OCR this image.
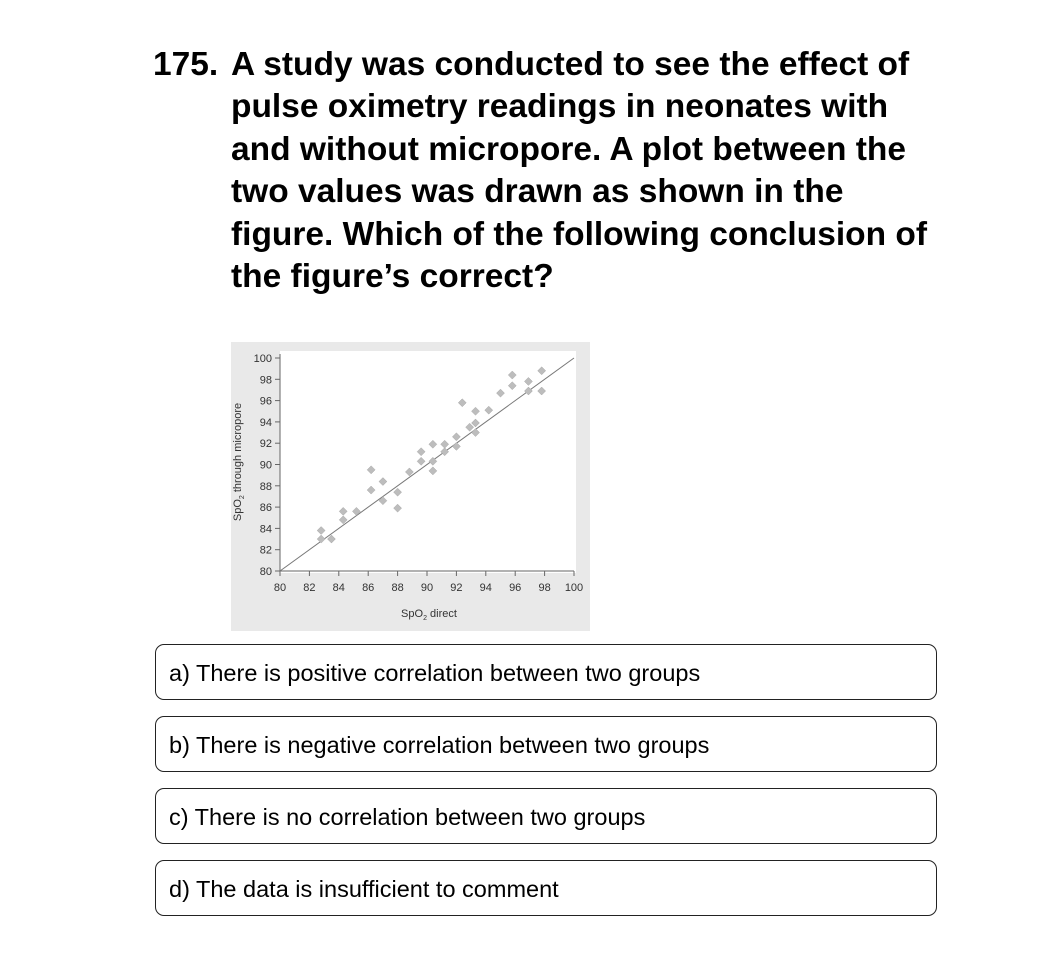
175. A study was conducted to see the effect of pulse oximetry readings in neonates with and without micropore. A plot between the two values was drawn as shown in the figure. Which of the following conclusion of the figure’s correct?
80 82 84 86 88 90 92 94 96 98 100
80
82
84
86
88
90
92
94
96
98
100
SpO$_2$ direct
SpO$_2$ through micropore
a) There is positive correlation between two groups
b) There is negative correlation between two groups
c) There is no correlation between two groups
d) The data is insufficient to comment
